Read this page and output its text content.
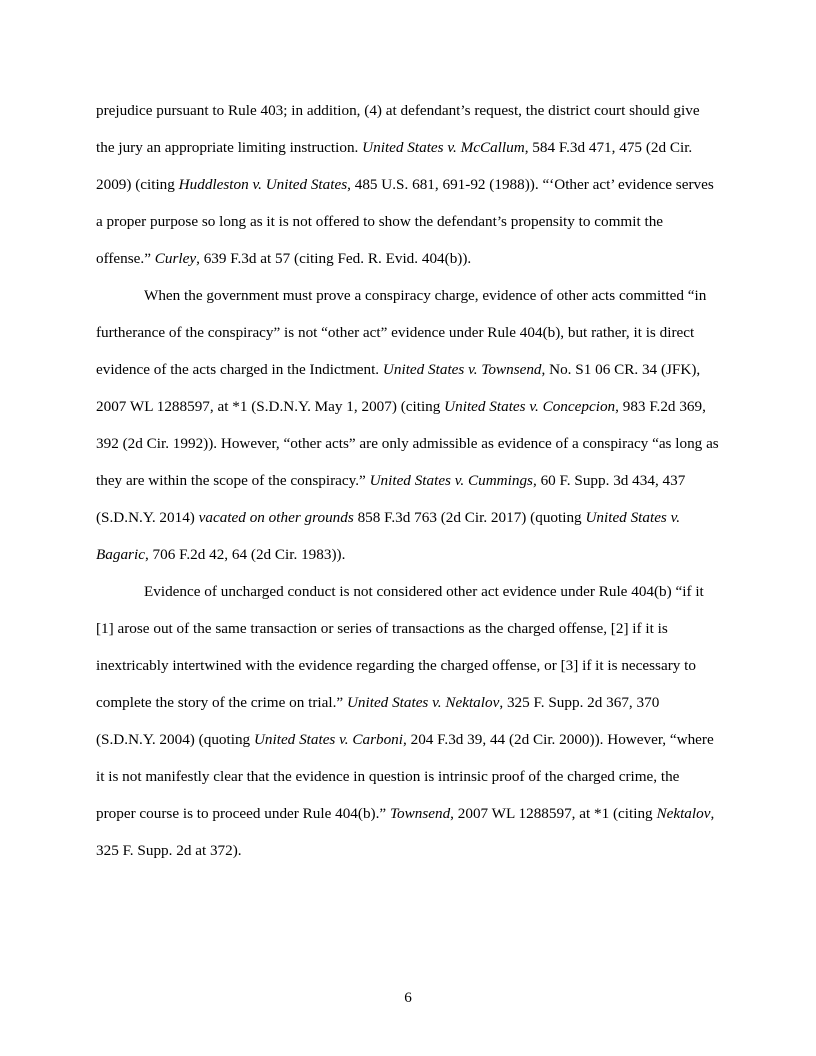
prejudice pursuant to Rule 403; in addition, (4) at defendant’s request, the district court should give the jury an appropriate limiting instruction. United States v. McCallum, 584 F.3d 471, 475 (2d Cir. 2009) (citing Huddleston v. United States, 485 U.S. 681, 691-92 (1988)). “‘Other act’ evidence serves a proper purpose so long as it is not offered to show the defendant’s propensity to commit the offense.” Curley, 639 F.3d at 57 (citing Fed. R. Evid. 404(b)).

When the government must prove a conspiracy charge, evidence of other acts committed “in furtherance of the conspiracy” is not “other act” evidence under Rule 404(b), but rather, it is direct evidence of the acts charged in the Indictment. United States v. Townsend, No. S1 06 CR. 34 (JFK), 2007 WL 1288597, at *1 (S.D.N.Y. May 1, 2007) (citing United States v. Concepcion, 983 F.2d 369, 392 (2d Cir. 1992)). However, “other acts” are only admissible as evidence of a conspiracy “as long as they are within the scope of the conspiracy.” United States v. Cummings, 60 F. Supp. 3d 434, 437 (S.D.N.Y. 2014) vacated on other grounds 858 F.3d 763 (2d Cir. 2017) (quoting United States v. Bagaric, 706 F.2d 42, 64 (2d Cir. 1983)).

Evidence of uncharged conduct is not considered other act evidence under Rule 404(b) “if it [1] arose out of the same transaction or series of transactions as the charged offense, [2] if it is inextricably intertwined with the evidence regarding the charged offense, or [3] if it is necessary to complete the story of the crime on trial.” United States v. Nektalov, 325 F. Supp. 2d 367, 370 (S.D.N.Y. 2004) (quoting United States v. Carboni, 204 F.3d 39, 44 (2d Cir. 2000)). However, “where it is not manifestly clear that the evidence in question is intrinsic proof of the charged crime, the proper course is to proceed under Rule 404(b).” Townsend, 2007 WL 1288597, at *1 (citing Nektalov, 325 F. Supp. 2d at 372).

6
